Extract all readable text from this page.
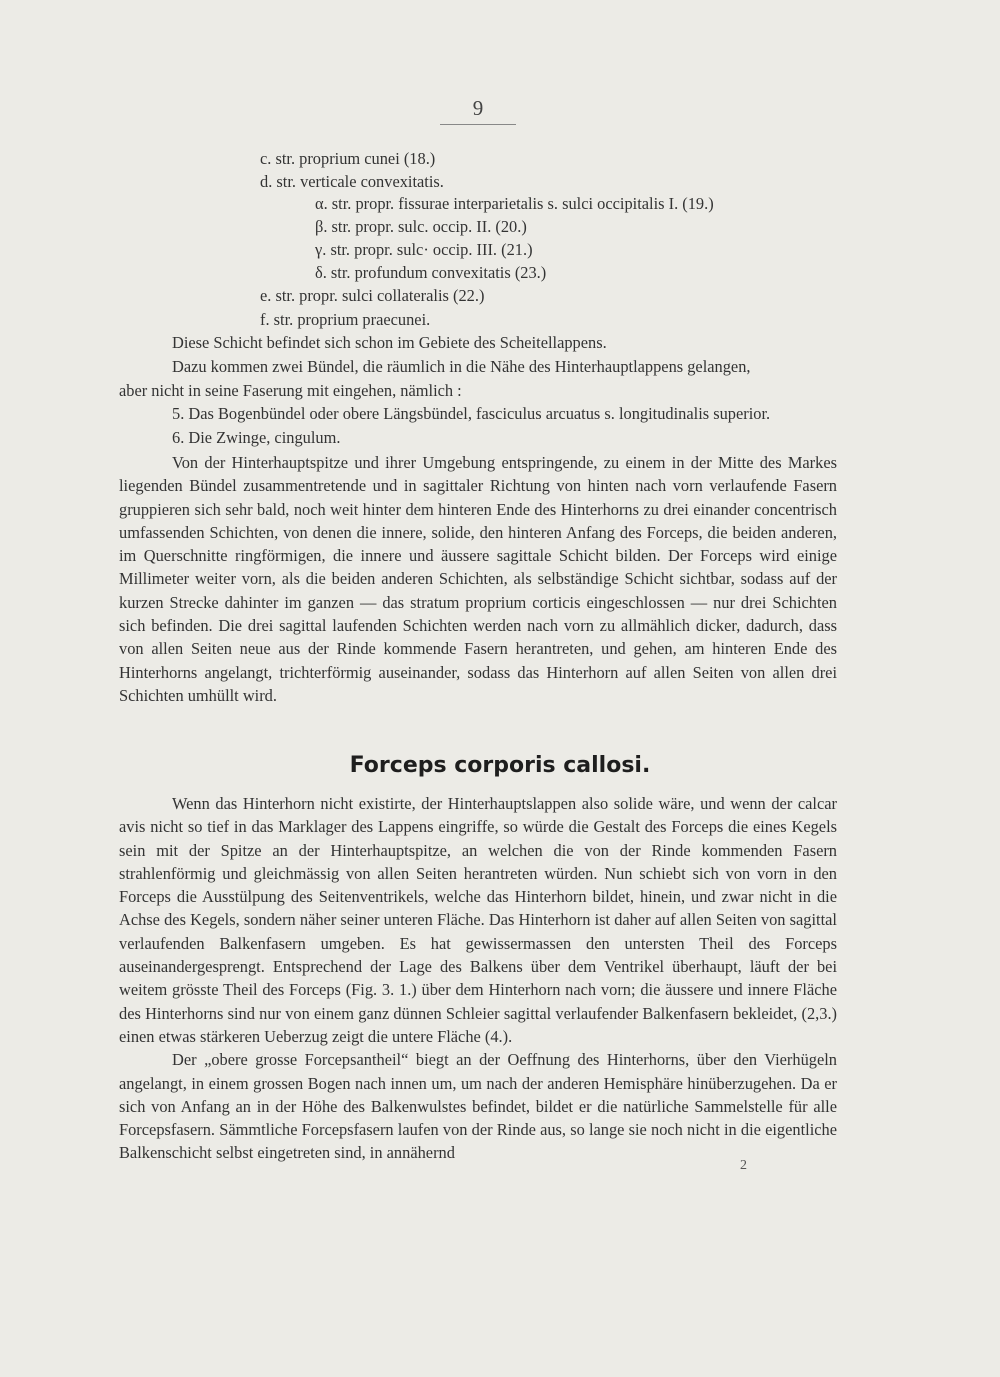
9
c. str. proprium cunei (18.)
d. str. verticale convexitatis.
α. str. propr. fissurae interparietalis s. sulci occipitalis I. (19.)
β. str. propr. sulc. occip. II. (20.)
γ. str. propr. sulc· occip. III. (21.)
δ. str. profundum convexitatis (23.)
e. str. propr. sulci collateralis (22.)
f. str. proprium praecunei.
Diese Schicht befindet sich schon im Gebiete des Scheitellappens.
Dazu kommen zwei Bündel, die räumlich in die Nähe des Hinterhauptlappens gelangen,
aber nicht in seine Faserung mit eingehen, nämlich :
5. Das Bogenbündel oder obere Längsbündel, fasciculus arcuatus s. longitudinalis superior.
6. Die Zwinge, cingulum.

Von der Hinterhauptspitze und ihrer Umgebung entspringende, zu einem in der Mitte des Markes liegenden Bündel zusammentretende und in sagittaler Richtung von hinten nach vorn verlaufende Fasern gruppieren sich sehr bald, noch weit hinter dem hinteren Ende des Hinterhorns zu drei einander concentrisch umfassenden Schichten, von denen die innere, solide, den hinteren Anfang des Forceps, die beiden anderen, im Querschnitte ringförmigen, die innere und äussere sagittale Schicht bilden. Der Forceps wird einige Millimeter weiter vorn, als die beiden anderen Schichten, als selbständige Schicht sichtbar, sodass auf der kurzen Strecke dahinter im ganzen — das stratum proprium corticis eingeschlossen — nur drei Schichten sich befinden. Die drei sagittal laufenden Schichten werden nach vorn zu allmählich dicker, dadurch, dass von allen Seiten neue aus der Rinde kommende Fasern herantreten, und gehen, am hinteren Ende des Hinterhorns angelangt, trichterförmig auseinander, sodass das Hinterhorn auf allen Seiten von allen drei Schichten umhüllt wird.

Forceps corporis callosi.

Wenn das Hinterhorn nicht existirte, der Hinterhauptslappen also solide wäre, und wenn der calcar avis nicht so tief in das Marklager des Lappens eingriffe, so würde die Gestalt des Forceps die eines Kegels sein mit der Spitze an der Hinterhauptspitze, an welchen die von der Rinde kommenden Fasern strahlenförmig und gleichmässig von allen Seiten herantreten würden. Nun schiebt sich von vorn in den Forceps die Ausstülpung des Seitenventrikels, welche das Hinterhorn bildet, hinein, und zwar nicht in die Achse des Kegels, sondern näher seiner unteren Fläche. Das Hinterhorn ist daher auf allen Seiten von sagittal verlaufenden Balkenfasern umgeben. Es hat gewissermassen den untersten Theil des Forceps auseinandergesprengt. Entsprechend der Lage des Balkens über dem Ventrikel überhaupt, läuft der bei weitem grösste Theil des Forceps (Fig. 3. 1.) über dem Hinterhorn nach vorn; die äussere und innere Fläche des Hinterhorns sind nur von einem ganz dünnen Schleier sagittal verlaufender Balkenfasern bekleidet, (2,3.) einen etwas stärkeren Ueberzug zeigt die untere Fläche (4.).

Der „obere grosse Forcepsantheil“ biegt an der Oeffnung des Hinterhorns, über den Vierhügeln angelangt, in einem grossen Bogen nach innen um, um nach der anderen Hemisphäre hinüberzugehen. Da er sich von Anfang an in der Höhe des Balkenwulstes befindet, bildet er die natürliche Sammelstelle für alle Forcepsfasern. Sämmtliche Forcepsfasern laufen von der Rinde aus, so lange sie noch nicht in die eigentliche Balkenschicht selbst eingetreten sind, in annähernd

2
